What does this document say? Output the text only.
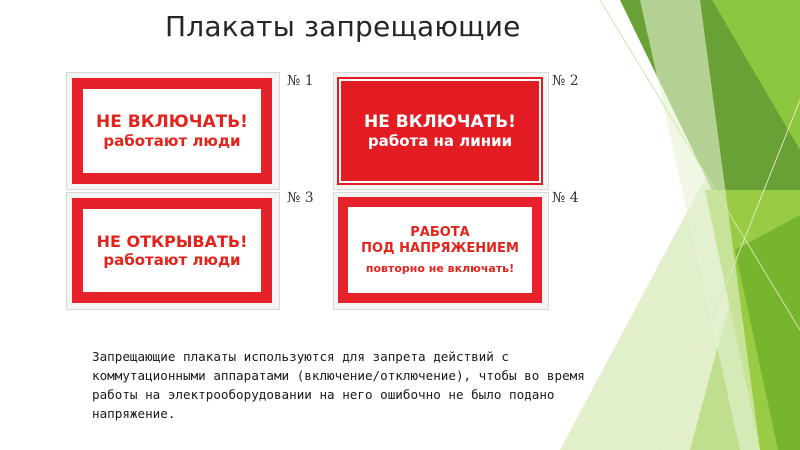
Плакаты запрещающие
НЕ ВКЛЮЧАТЬ!
работают люди
№ 1
НЕ ВКЛЮЧАТЬ!
работа на линии
№ 2
НЕ ОТКРЫВАТЬ!
работают люди
№ 3
РАБОТА
ПОД НАПРЯЖЕНИЕМ
повторно не включать!
№ 4
Запрещающие плакаты используются для запрета действий с коммутационными аппаратами (включение/отключение), чтобы во время работы на электрооборудовании на него ошибочно не было подано напряжение.
